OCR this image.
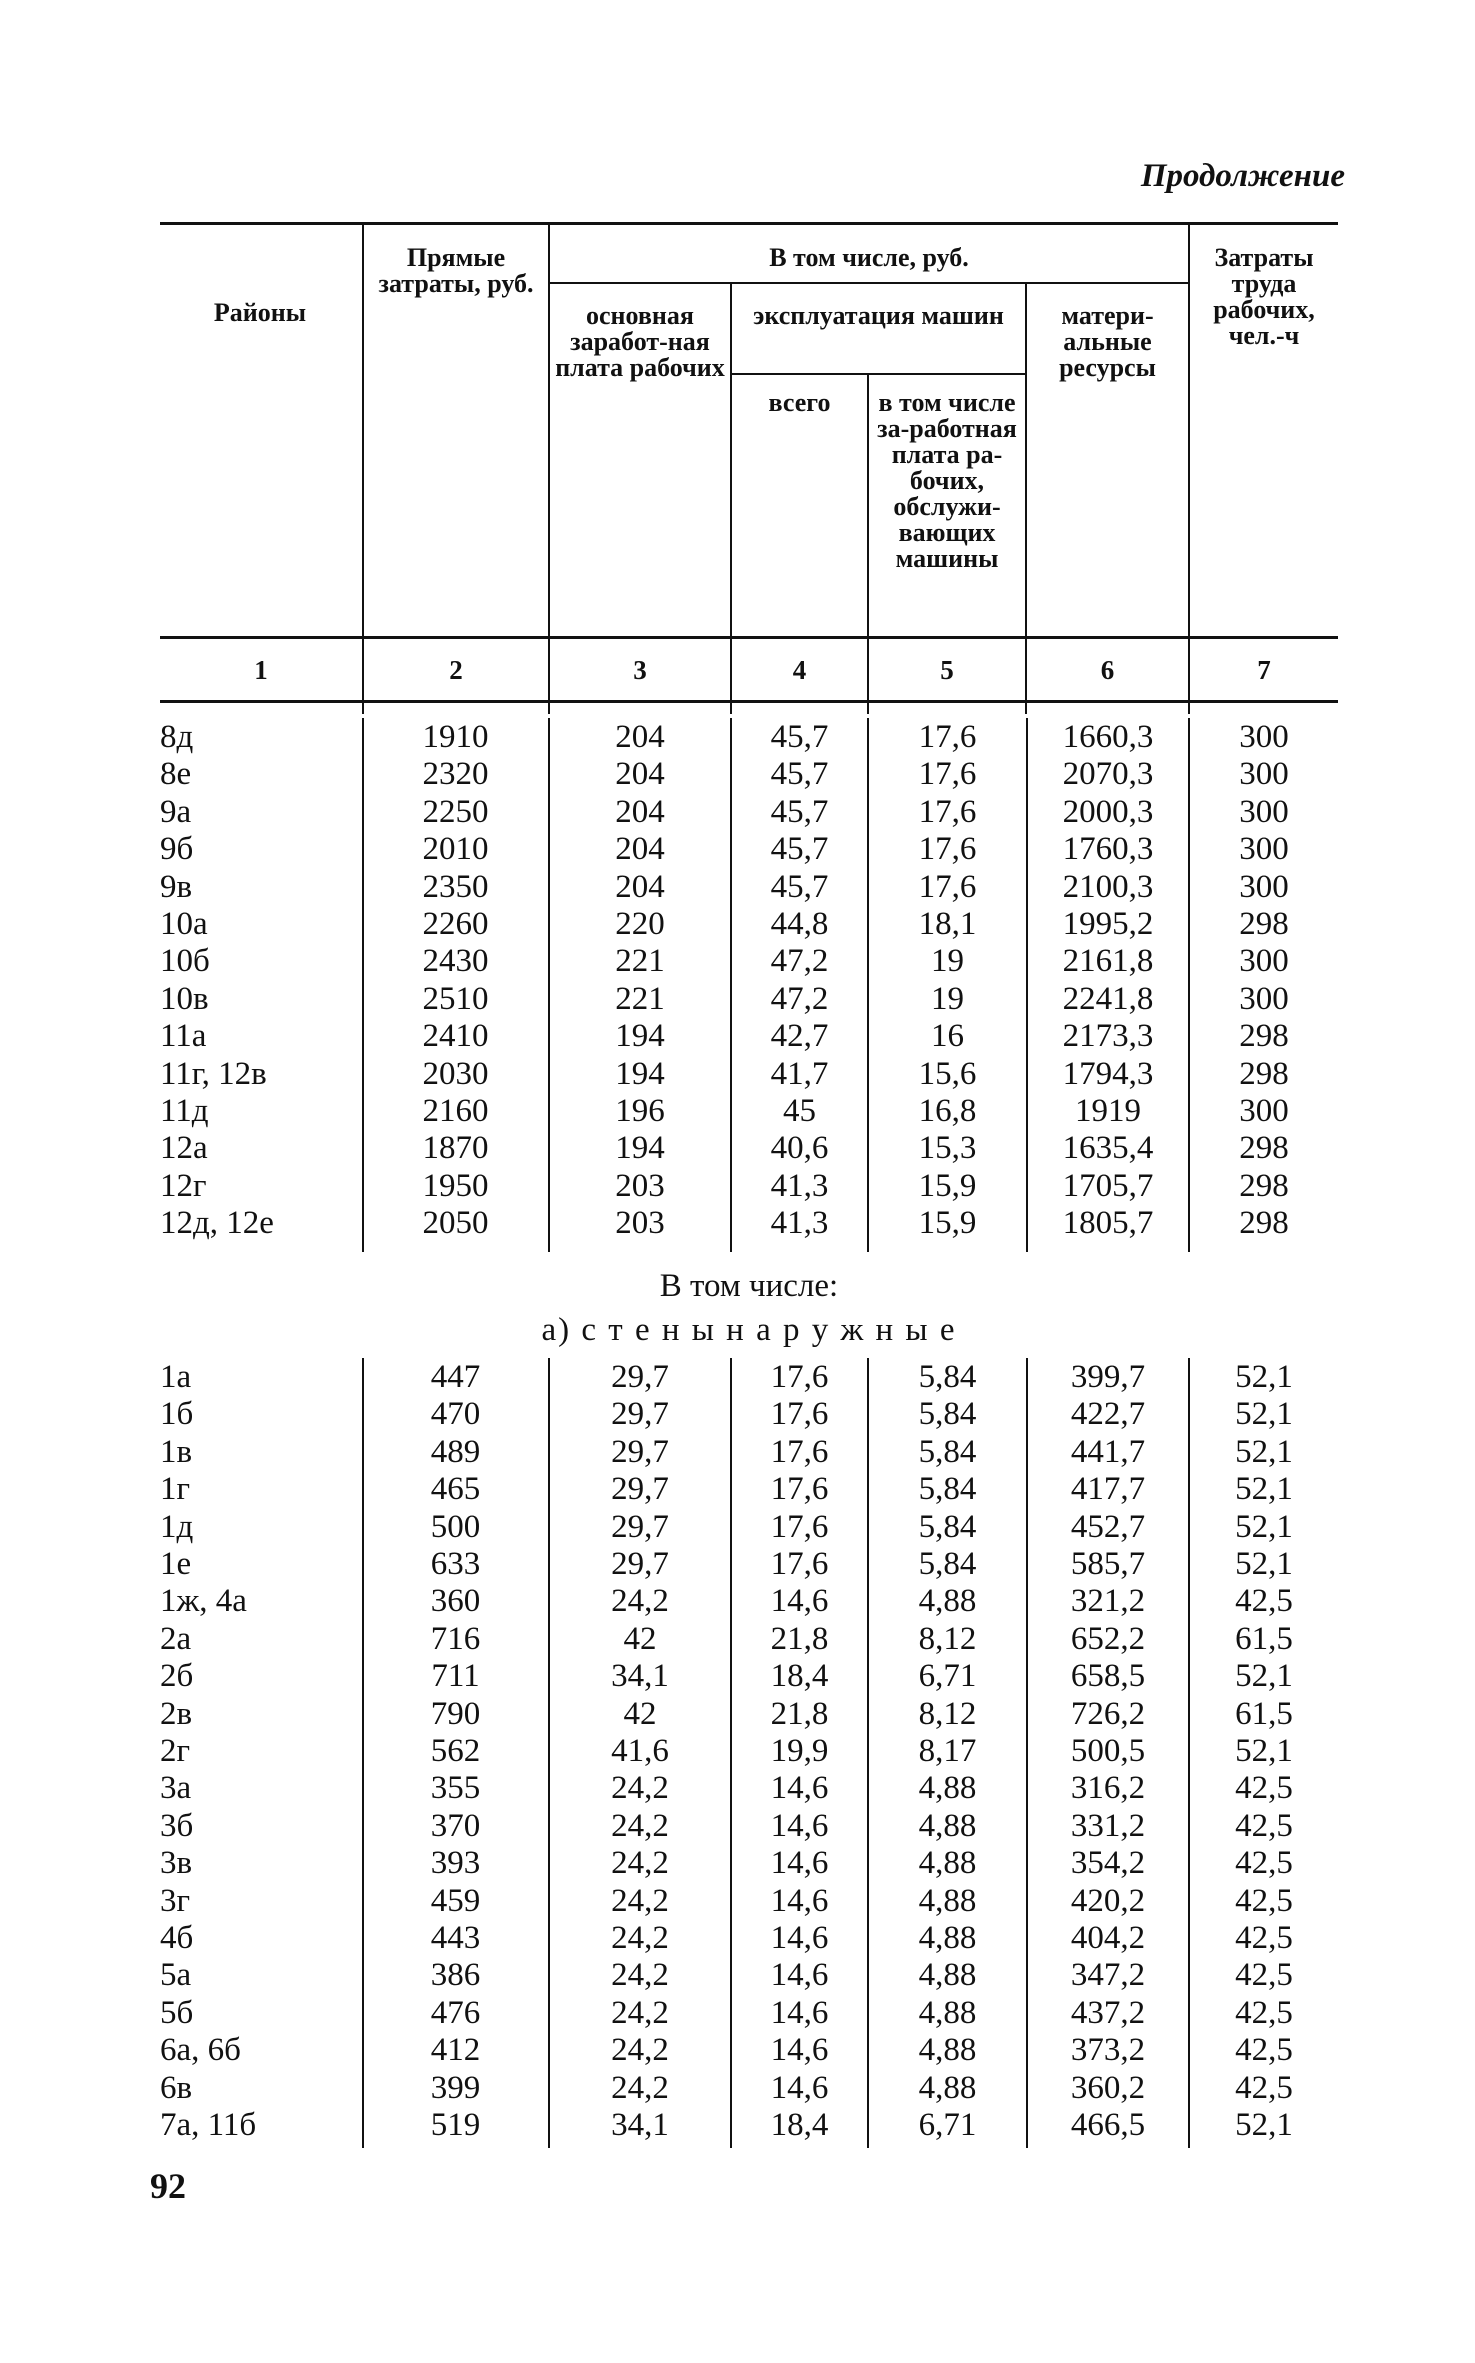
Продолжение
Районы
Прямые затраты, руб.
В том числе, руб.
основная заработ-ная плата рабочих
эксплуатация машин
всего	в том числе за-работная плата ра-бочих, обслужи-вающих машины
матери-альные ресурсы
Затраты труда рабочих, чел.-ч
1	2	3	4	5	6	7
8д	1910	204	45,7	17,6	1660,3	300
8е	2320	204	45,7	17,6	2070,3	300
9а	2250	204	45,7	17,6	2000,3	300
9б	2010	204	45,7	17,6	1760,3	300
9в	2350	204	45,7	17,6	2100,3	300
10а	2260	220	44,8	18,1	1995,2	298
10б	2430	221	47,2	19	2161,8	300
10в	2510	221	47,2	19	2241,8	300
11а	2410	194	42,7	16	2173,3	298
11г, 12в	2030	194	41,7	15,6	1794,3	298
11д	2160	196	45	16,8	1919	300
12а	1870	194	40,6	15,3	1635,4	298
12г	1950	203	41,3	15,9	1705,7	298
12д, 12е	2050	203	41,3	15,9	1805,7	298
В том числе:
а) с т е н ы н а р у ж н ы е
1а	447	29,7	17,6	5,84	399,7	52,1
1б	470	29,7	17,6	5,84	422,7	52,1
1в	489	29,7	17,6	5,84	441,7	52,1
1г	465	29,7	17,6	5,84	417,7	52,1
1д	500	29,7	17,6	5,84	452,7	52,1
1е	633	29,7	17,6	5,84	585,7	52,1
1ж, 4а	360	24,2	14,6	4,88	321,2	42,5
2а	716	42	21,8	8,12	652,2	61,5
2б	711	34,1	18,4	6,71	658,5	52,1
2в	790	42	21,8	8,12	726,2	61,5
2г	562	41,6	19,9	8,17	500,5	52,1
3а	355	24,2	14,6	4,88	316,2	42,5
3б	370	24,2	14,6	4,88	331,2	42,5
3в	393	24,2	14,6	4,88	354,2	42,5
3г	459	24,2	14,6	4,88	420,2	42,5
4б	443	24,2	14,6	4,88	404,2	42,5
5а	386	24,2	14,6	4,88	347,2	42,5
5б	476	24,2	14,6	4,88	437,2	42,5
6а, 6б	412	24,2	14,6	4,88	373,2	42,5
6в	399	24,2	14,6	4,88	360,2	42,5
7а, 11б	519	34,1	18,4	6,71	466,5	52,1
92
